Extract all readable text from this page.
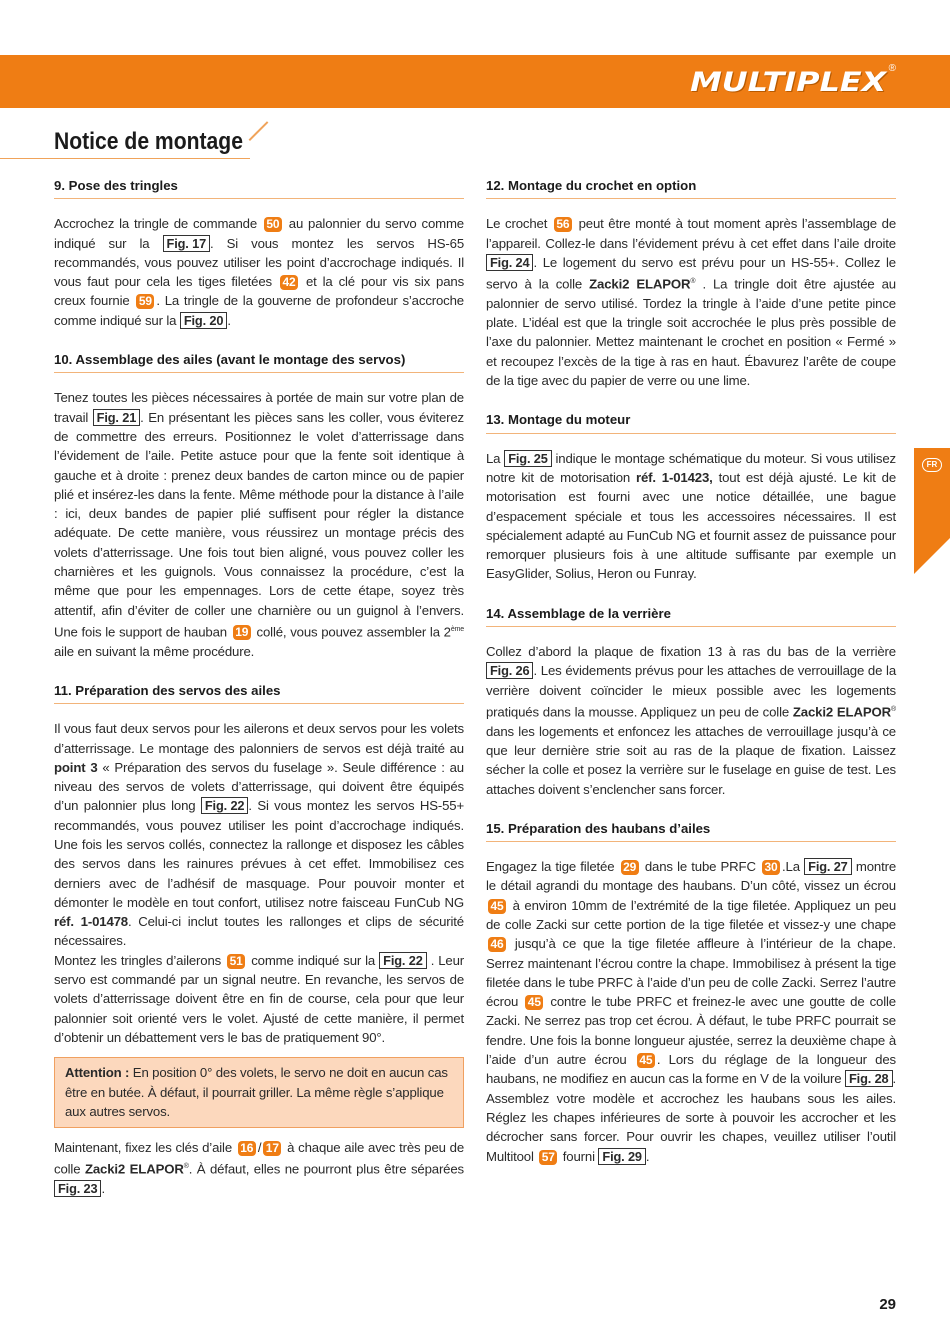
MULTIPLEX ®
Notice de montage
FR
9. Pose des tringles

Accrochez la tringle de commande 50 au palonnier du servo comme indiqué sur la Fig. 17 . Si vous montez les servos HS-65 recommandés, vous pouvez utiliser les point d’accrochage indiqués. Il vous faut pour cela les tiges filetées 42 et la clé pour vis six pans creux fournie 59 . La tringle de la gouverne de profondeur s’accroche comme indiqué sur la Fig. 20 .

10. Assemblage des ailes (avant le montage des servos)

Tenez toutes les pièces nécessaires à portée de main sur votre plan de travail Fig. 21 . En présentant les pièces sans les coller, vous éviterez de commettre des erreurs. Positionnez le volet d’atterrissage dans l’évidement de l’aile. Petite astuce pour que la fente soit identique à gauche et à droite : prenez deux bandes de carton mince ou de papier plié et insérez-les dans la fente. Même méthode pour la distance à l’aile : ici, deux bandes de papier plié suffisent pour régler la distance adéquate. De cette manière, vous réussirez un montage précis des volets d’atterrissage. Une fois tout bien aligné, vous pouvez coller les charnières et les guignols. Vous connaissez la procédure, c’est la même que pour les empennages. Lors de cette étape, soyez très attentif, afin d’éviter de coller une charnière ou un guignol à l’envers. Une fois le support de hauban 19 collé, vous pouvez assembler la 2ème aile en suivant la même procédure.

11. Préparation des servos des ailes

Il vous faut deux servos pour les ailerons et deux servos pour les volets d’atterrissage. Le montage des palonniers de servos est déjà traité au point 3 « Préparation des servos du fuselage ». Seule différence : au niveau des servos de volets d’atterrissage, qui doivent être équipés d’un palonnier plus long Fig. 22 . Si vous montez les servos HS-55+ recommandés, vous pouvez utiliser les point d’accrochage indiqués. Une fois les servos collés, connectez la rallonge et disposez les câbles des servos dans les rainures prévues à cet effet. Immobilisez ces derniers avec de l’adhésif de masquage. Pour pouvoir monter et démonter le modèle en tout confort, utilisez notre faisceau FunCub NG réf. 1-01478. Celui-ci inclut toutes les rallonges et clips de sécurité nécessaires.

Montez les tringles d’ailerons 51 comme indiqué sur la Fig. 22 . Leur servo est commandé par un signal neutre. En revanche, les servos de volets d’atterrissage doivent être en fin de course, cela pour que leur palonnier soit orienté vers le volet. Ajusté de cette manière, il permet d’obtenir un débattement vers le bas de pratiquement 90°.

Attention : En position 0° des volets, le servo ne doit en aucun cas être en butée. À défaut, il pourrait griller. La même règle s’applique aux autres servos.

Maintenant, fixez les clés d’aile 16 / 17 à chaque aile avec très peu de colle Zacki2 ELAPOR®. À défaut, elles ne pourront plus être séparées Fig. 23 .

12. Montage du crochet en option

Le crochet 56 peut être monté à tout moment après l’assemblage de l’appareil. Collez-le dans l’évidement prévu à cet effet dans l’aile droite Fig. 24 . Le logement du servo est prévu pour un HS-55+. Collez le servo à la colle Zacki2 ELAPOR® . La tringle doit être ajustée au palonnier de servo utilisé. Tordez la tringle à l’aide d’une petite pince plate. L’idéal est que la tringle soit accrochée le plus près possible de l’axe du palonnier. Mettez maintenant le crochet en position « Fermé » et recoupez l’excès de la tige à ras en haut. Ébavurez l’arête de coupe de la tige avec du papier de verre ou une lime.

13. Montage du moteur

La Fig. 25 indique le montage schématique du moteur. Si vous utilisez notre kit de motorisation réf. 1-01423, tout est déjà ajusté. Le kit de motorisation est fourni avec une notice détaillée, une bague d’espacement spéciale et tous les accessoires nécessaires. Il est spécialement adapté au FunCub NG et fournit assez de puissance pour remorquer plusieurs fois à une altitude suffisante par exemple un EasyGlider, Solius, Heron ou Funray.

14. Assemblage de la verrière

Collez d’abord la plaque de fixation 13 à ras du bas de la verrière Fig. 26 . Les évidements prévus pour les attaches de verrouillage de la verrière doivent coïncider le mieux possible avec les logements pratiqués dans la mousse. Appliquez un peu de colle Zacki2 ELAPOR® dans les logements et enfoncez les attaches de verrouillage jusqu’à ce que leur dernière strie soit au ras de la plaque de fixation. Laissez sécher la colle et posez la verrière sur le fuselage en guise de test. Les attaches doivent s’enclencher sans forcer.

15. Préparation des haubans d’ailes

Engagez la tige filetée 29 dans le tube PRFC 30 .La Fig. 27 montre le détail agrandi du montage des haubans. D’un côté, vissez un écrou 45 à environ 10mm de l’extrémité de la tige filetée. Appliquez un peu de colle Zacki sur cette portion de la tige filetée et vissez-y une chape 46 jusqu’à ce que la tige filetée affleure à l’intérieur de la chape. Serrez maintenant l’écrou contre la chape. Immobilisez à présent la tige filetée dans le tube PRFC à l’aide d’un peu de colle Zacki. Serrez l’autre écrou 45 contre le tube PRFC et freinez-le avec une goutte de colle Zacki. Ne serrez pas trop cet écrou. À défaut, le tube PRFC pourrait se fendre. Une fois la bonne longueur ajustée, serrez la deuxième chape à l’aide d’un autre écrou 45 . Lors du réglage de la longueur des haubans, ne modifiez en aucun cas la forme en V de la voilure Fig. 28 . Assemblez votre modèle et accrochez les haubans sous les ailes. Réglez les chapes inférieures de sorte à pouvoir les accrocher et les décrocher sans forcer. Pour ouvrir les chapes, veuillez utiliser l’outil Multitool 57 fourni Fig. 29 .

29
